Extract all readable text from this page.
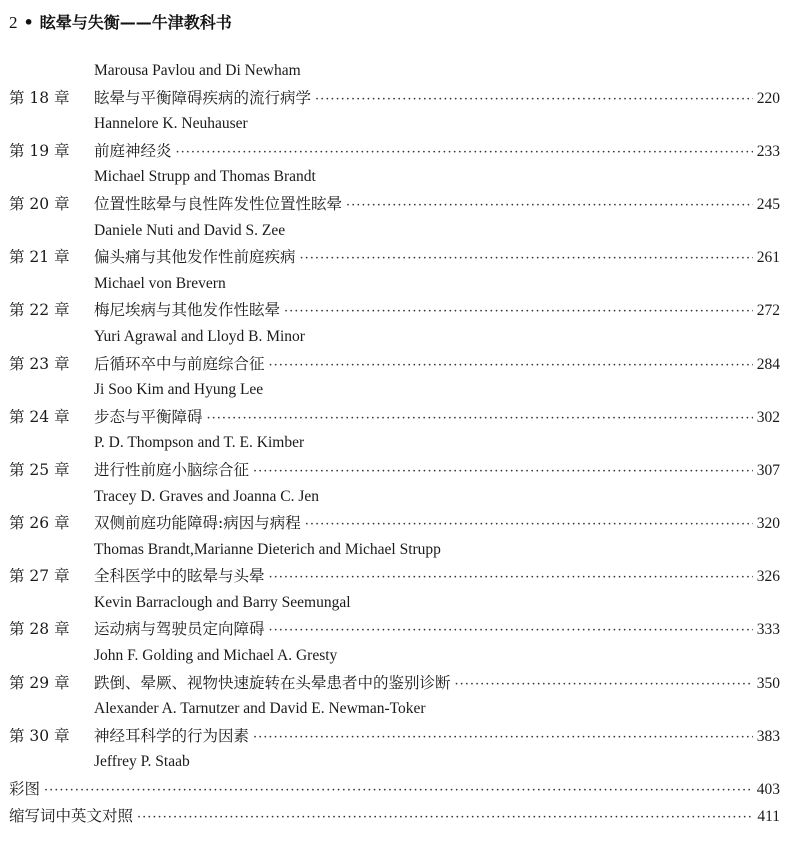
2 • 眩晕与失衡——牛津教科书
Marousa Pavlou and Di Newham
第 18 章 眩晕与平衡障碍疾病的流行病学 ·····	220
Hannelore K. Neuhauser
第 19 章 前庭神经炎 ·····	233
Michael Strupp and Thomas Brandt
第 20 章 位置性眩晕与良性阵发性位置性眩晕 ·····	245
Daniele Nuti and David S. Zee
第 21 章 偏头痛与其他发作性前庭疾病 ·····	261
Michael von Brevern
第 22 章 梅尼埃病与其他发作性眩晕 ·····	272
Yuri Agrawal and Lloyd B. Minor
第 23 章 后循环卒中与前庭综合征 ·····	284
Ji Soo Kim and Hyung Lee
第 24 章 步态与平衡障碍 ·····	302
P. D. Thompson and T. E. Kimber
第 25 章 进行性前庭小脑综合征 ·····	307
Tracey D. Graves and Joanna C. Jen
第 26 章 双侧前庭功能障碍:病因与病程 ·····	320
Thomas Brandt,Marianne Dieterich and Michael Strupp
第 27 章 全科医学中的眩晕与头晕 ·····	326
Kevin Barraclough and Barry Seemungal
第 28 章 运动病与驾驶员定向障碍 ·····	333
John F. Golding and Michael A. Gresty
第 29 章 跌倒、晕厥、视物快速旋转在头晕患者中的鉴别诊断 ·····	350
Alexander A. Tarnutzer and David E. Newman-Toker
第 30 章 神经耳科学的行为因素 ·····	383
Jeffrey P. Staab
彩图 ·····	403
缩写词中英文对照 ·····	411
